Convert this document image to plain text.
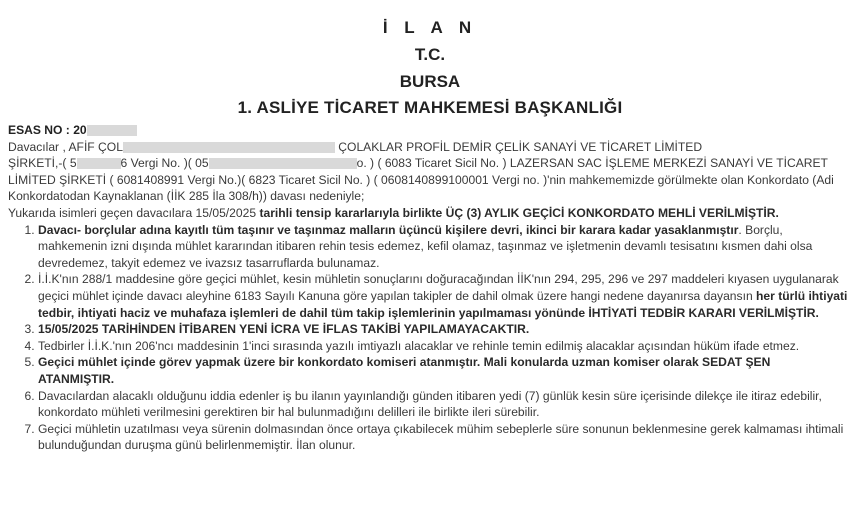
İ L A N
T.C.
BURSA
1. ASLİYE TİCARET MAHKEMESİ BAŞKANLIĞI

ESAS NO : 20

Davacılar , AFİF ÇOL	ÇOLAKLAR PROFİL DEMİR ÇELİK SANAYİ VE TİCARET LİMİTED
ŞİRKETİ,-( 5	6 Vergi No. )( 05	o. ) ( 6083 Ticaret Sicil No. ) LAZERSAN SAC İŞLEME MERKEZİ SANAYİ VE TİCARET
LİMİTED ŞİRKETİ ( 6081408991 Vergi No.)( 6823 Ticaret Sicil No. ) ( 0608140899100001 Vergi no. )'nin mahkememizde görülmekte olan Konkordato (Adi Konkordatodan Kaynaklanan (İİK 285 İla 308/h)) davası nedeniyle;

Yukarıda isimleri geçen davacılara 15/05/2025 tarihli tensip kararlarıyla birlikte ÜÇ (3) AYLIK GEÇİCİ KONKORDATO MEHLİ VERİLMİŞTİR.

1. Davacı- borçlular adına kayıtlı tüm taşınır ve taşınmaz malların üçüncü kişilere devri, ikinci bir karara kadar yasaklanmıştır. Borçlu, mahkemenin izni dışında mühlet kararından itibaren rehin tesis edemez, kefil olamaz, taşınmaz ve işletmenin devamlı tesisatını kısmen dahi olsa devredemez, takyit edemez ve ivazsız tasarruflarda bulunamaz.
2. İ.İ.K'nın 288/1 maddesine göre geçici mühlet, kesin mühletin sonuçlarını doğuracağından İİK'nın 294, 295, 296 ve 297 maddeleri kıyasen uygulanarak geçici mühlet içinde davacı aleyhine 6183 Sayılı Kanuna göre yapılan takipler de dahil olmak üzere hangi nedene dayanırsa dayansın her türlü ihtiyati tedbir, ihtiyati haciz ve muhafaza işlemleri de dahil tüm takip işlemlerinin yapılmaması yönünde İHTİYATİ TEDBİR KARARI VERİLMİŞTİR.
3. 15/05/2025 TARİHİNDEN İTİBAREN YENİ İCRA VE İFLAS TAKİBİ YAPILAMAYACAKTIR.
4. Tedbirler İ.İ.K.'nın 206'ncı maddesinin 1'inci sırasında yazılı imtiyazlı alacaklar ve rehinle temin edilmiş alacaklar açısından hüküm ifade etmez.
5. Geçici mühlet içinde görev yapmak üzere bir konkordato komiseri atanmıştır. Mali konularda uzman komiser olarak SEDAT ŞEN ATANMIŞTIR.
6. Davacılardan alacaklı olduğunu iddia edenler iş bu ilanın yayınlandığı günden itibaren yedi (7) günlük kesin süre içerisinde dilekçe ile itiraz edebilir, konkordato mühleti verilmesini gerektiren bir hal bulunmadığını delilleri ile birlikte ileri sürebilir.
7. Geçici mühletin uzatılması veya sürenin dolmasından önce ortaya çıkabilecek mühim sebeplerle süre sonunun beklenmesine gerek kalmaması ihtimali bulunduğundan duruşma günü belirlenmemiştir. İlan olunur.
